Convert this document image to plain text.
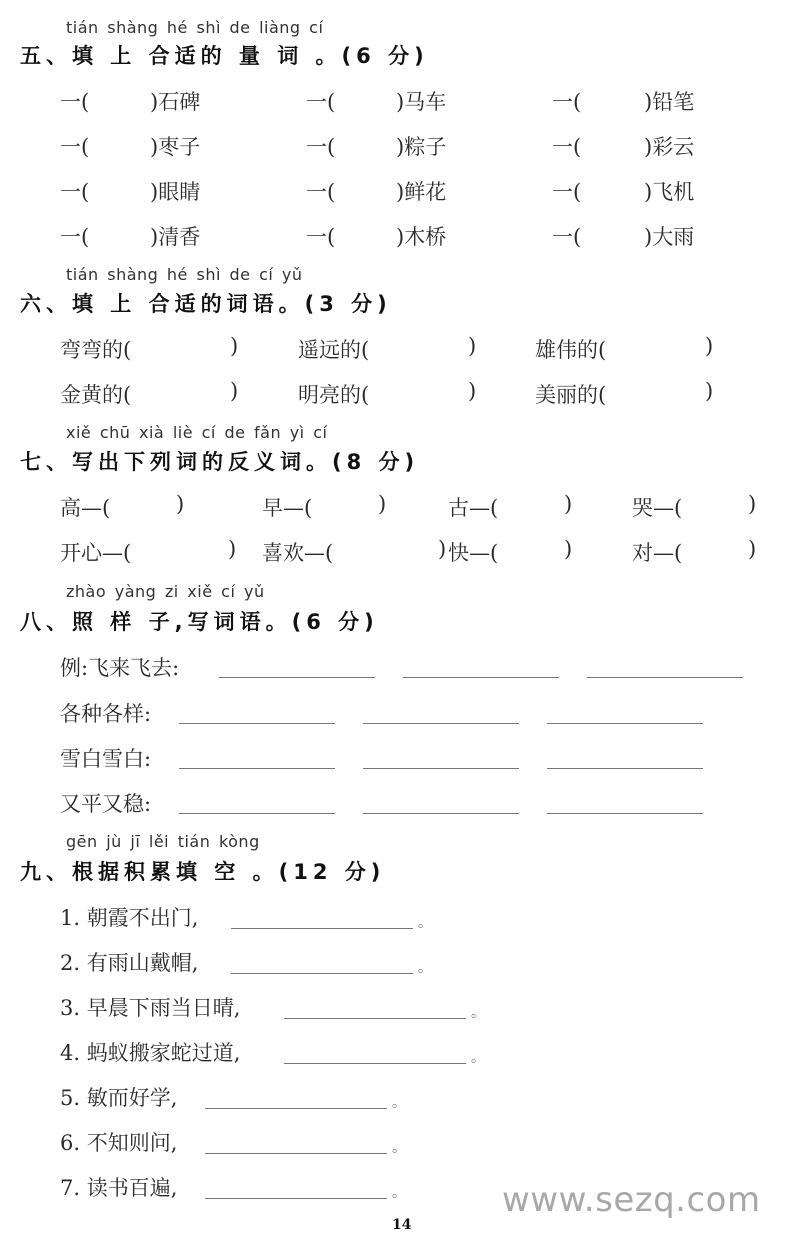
tián shàng hé shì de liàng cí
五、填 上 合适的 量 词 。(6 分)
一(	)石碑	一(	)马车	一(	)铅笔
一(	)枣子	一(	)粽子	一(	)彩云
一(	)眼睛	一(	)鲜花	一(	)飞机
一(	)清香	一(	)木桥	一(	)大雨
tián shàng hé shì de cí yǔ
六、填 上 合适的词语。(3 分)
弯弯的(	)	遥远的(	)	雄伟的(	)
金黄的(	)	明亮的(	)	美丽的(	)
xiě chū xià liè cí de fǎn yì cí
七、写出下列词的反义词。(8 分)
高—(	)	早—(	)	古—(	)	哭—(	)
开心—(	) 喜欢—(	) 快—(	)	对—(	)
zhào yàng zi xiě cí yǔ
八、照 样 子,写词语。(6 分)
例:飞来飞去:
各种各样:
雪白雪白:
又平又稳:
gēn jù jī lěi tián kòng
九、根据积累填 空 。(12 分)
1. 朝霞不出门,	。
2. 有雨山戴帽,	。
3. 早晨下雨当日晴,	。
4. 蚂蚁搬家蛇过道,	。
5. 敏而好学,	。
6. 不知则问,	。
7. 读书百遍,	。
14
www.sezq.com
